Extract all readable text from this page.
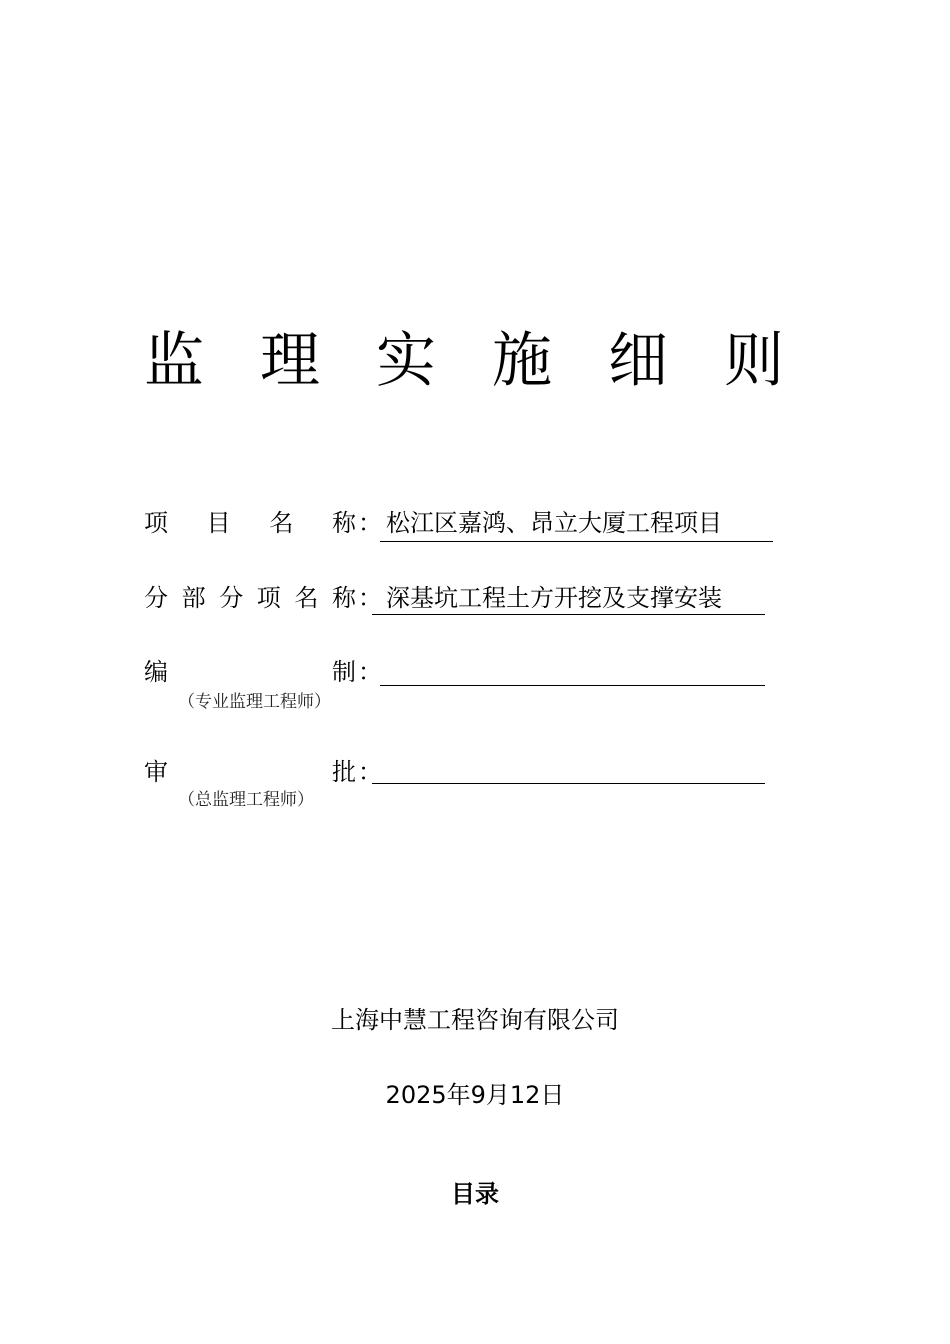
监 理 实 施 细 则
项 目 名 称 ： 松江区嘉鸿、昂立大厦工程项目
分 部 分 项 名 称 ： 深基坑工程土方开挖及支撑安装
编	制 ：
（专业监理工程师）
审	批 ：
（总监理工程师）
上海中慧工程咨询有限公司
2025年9月12日
目录
